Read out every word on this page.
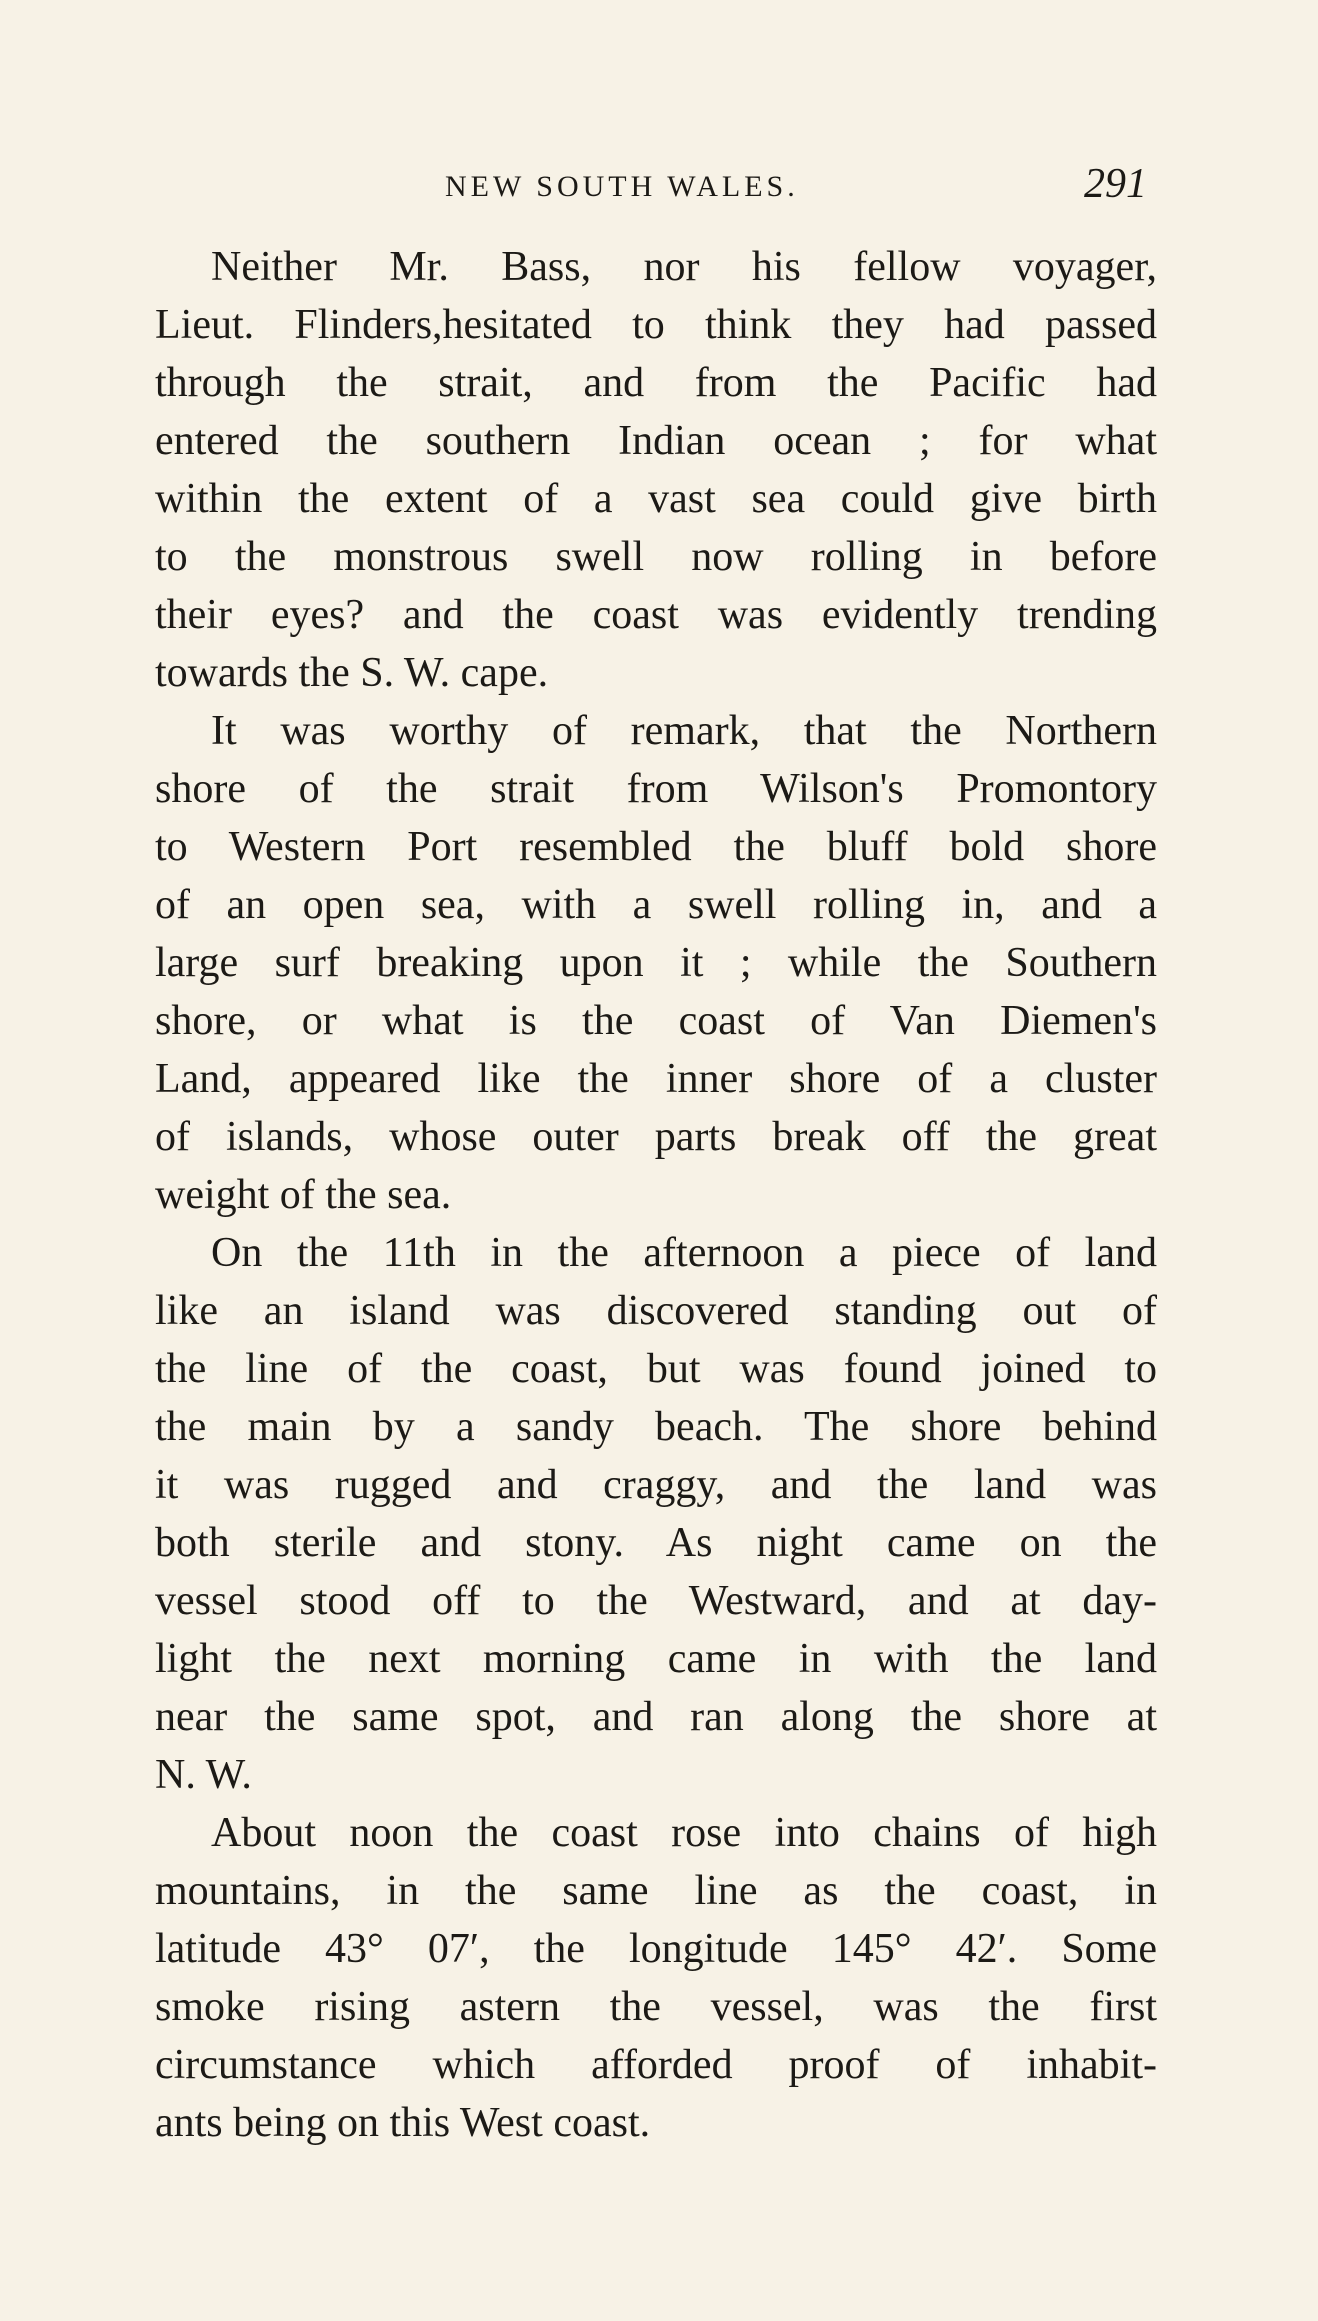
NEW SOUTH WALES.	291
Neither Mr. Bass, nor his fellow voyager,
Lieut. Flinders,hesitated to think they had passed
through the strait, and from the Pacific had
entered the southern Indian ocean ; for what
within the extent of a vast sea could give birth
to the monstrous swell now rolling in before
their eyes? and the coast was evidently trending
towards the S. W. cape.
It was worthy of remark, that the Northern
shore of the strait from Wilson's Promontory
to Western Port resembled the bluff bold shore
of an open sea, with a swell rolling in, and a
large surf breaking upon it ; while the Southern
shore, or what is the coast of Van Diemen's
Land, appeared like the inner shore of a cluster
of islands, whose outer parts break off the great
weight of the sea.
On the 11th in the afternoon a piece of land
like an island was discovered standing out of
the line of the coast, but was found joined to
the main by a sandy beach. The shore behind
it was rugged and craggy, and the land was
both sterile and stony. As night came on the
vessel stood off to the Westward, and at day-
light the next morning came in with the land
near the same spot, and ran along the shore at
N. W.
About noon the coast rose into chains of high
mountains, in the same line as the coast, in
latitude 43° 07′, the longitude 145° 42′. Some
smoke rising astern the vessel, was the first
circumstance which afforded proof of inhabit-
ants being on this West coast.
